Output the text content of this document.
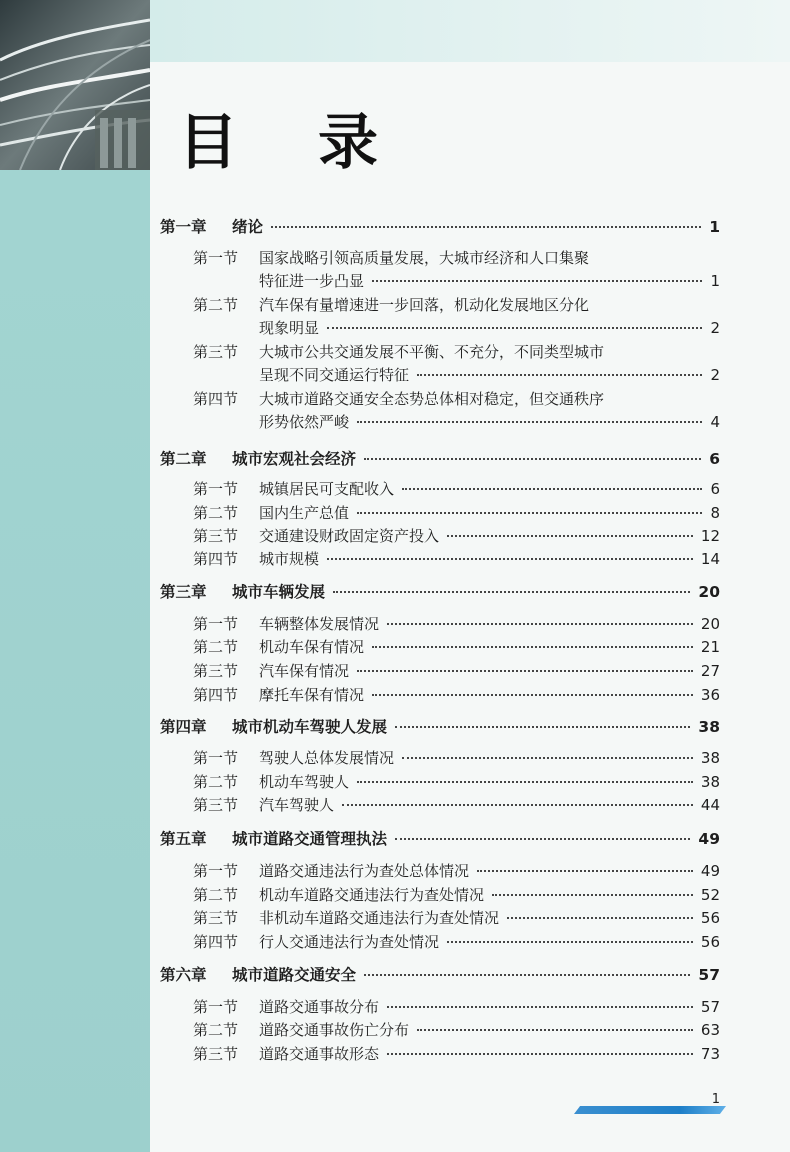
目 录
第一章	绪论	1
第一节	国家战略引领高质量发展，大城市经济和人口集聚
特征进一步凸显	1
第二节	汽车保有量增速进一步回落，机动化发展地区分化
现象明显	2
第三节	大城市公共交通发展不平衡、不充分，不同类型城市
呈现不同交通运行特征	2
第四节	大城市道路交通安全态势总体相对稳定，但交通秩序
形势依然严峻	4
第二章	城市宏观社会经济	6
第一节	城镇居民可支配收入	6
第二节	国内生产总值	8
第三节	交通建设财政固定资产投入	12
第四节	城市规模	14
第三章	城市车辆发展	20
第一节	车辆整体发展情况	20
第二节	机动车保有情况	21
第三节	汽车保有情况	27
第四节	摩托车保有情况	36
第四章	城市机动车驾驶人发展	38
第一节	驾驶人总体发展情况	38
第二节	机动车驾驶人	38
第三节	汽车驾驶人	44
第五章	城市道路交通管理执法	49
第一节	道路交通违法行为查处总体情况	49
第二节	机动车道路交通违法行为查处情况	52
第三节	非机动车道路交通违法行为查处情况	56
第四节	行人交通违法行为查处情况	56
第六章	城市道路交通安全	57
第一节	道路交通事故分布	57
第二节	道路交通事故伤亡分布	63
第三节	道路交通事故形态	73
1
